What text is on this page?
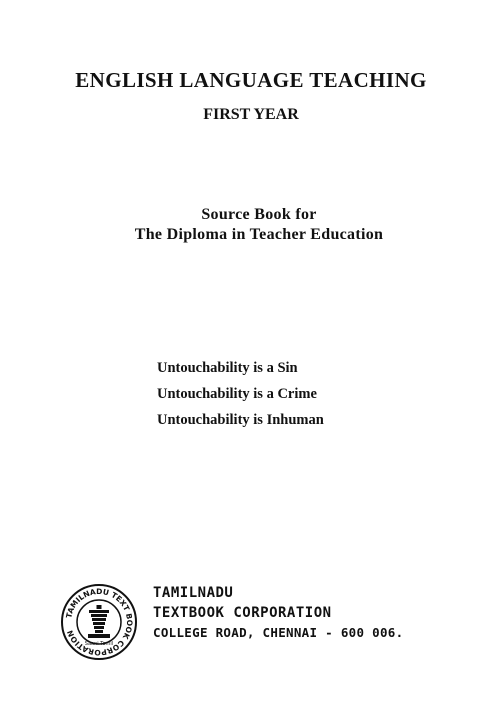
ENGLISH LANGUAGE TEACHING
FIRST YEAR
Source Book for
The Diploma in Teacher Education
Untouchability is a Sin
Untouchability is a Crime
Untouchability is Inhuman
TAMILNADU TEXT BOOK CORPORATION
Saani Tamil
TAMILNADU
TEXTBOOK CORPORATION
COLLEGE ROAD, CHENNAI - 600 006.
